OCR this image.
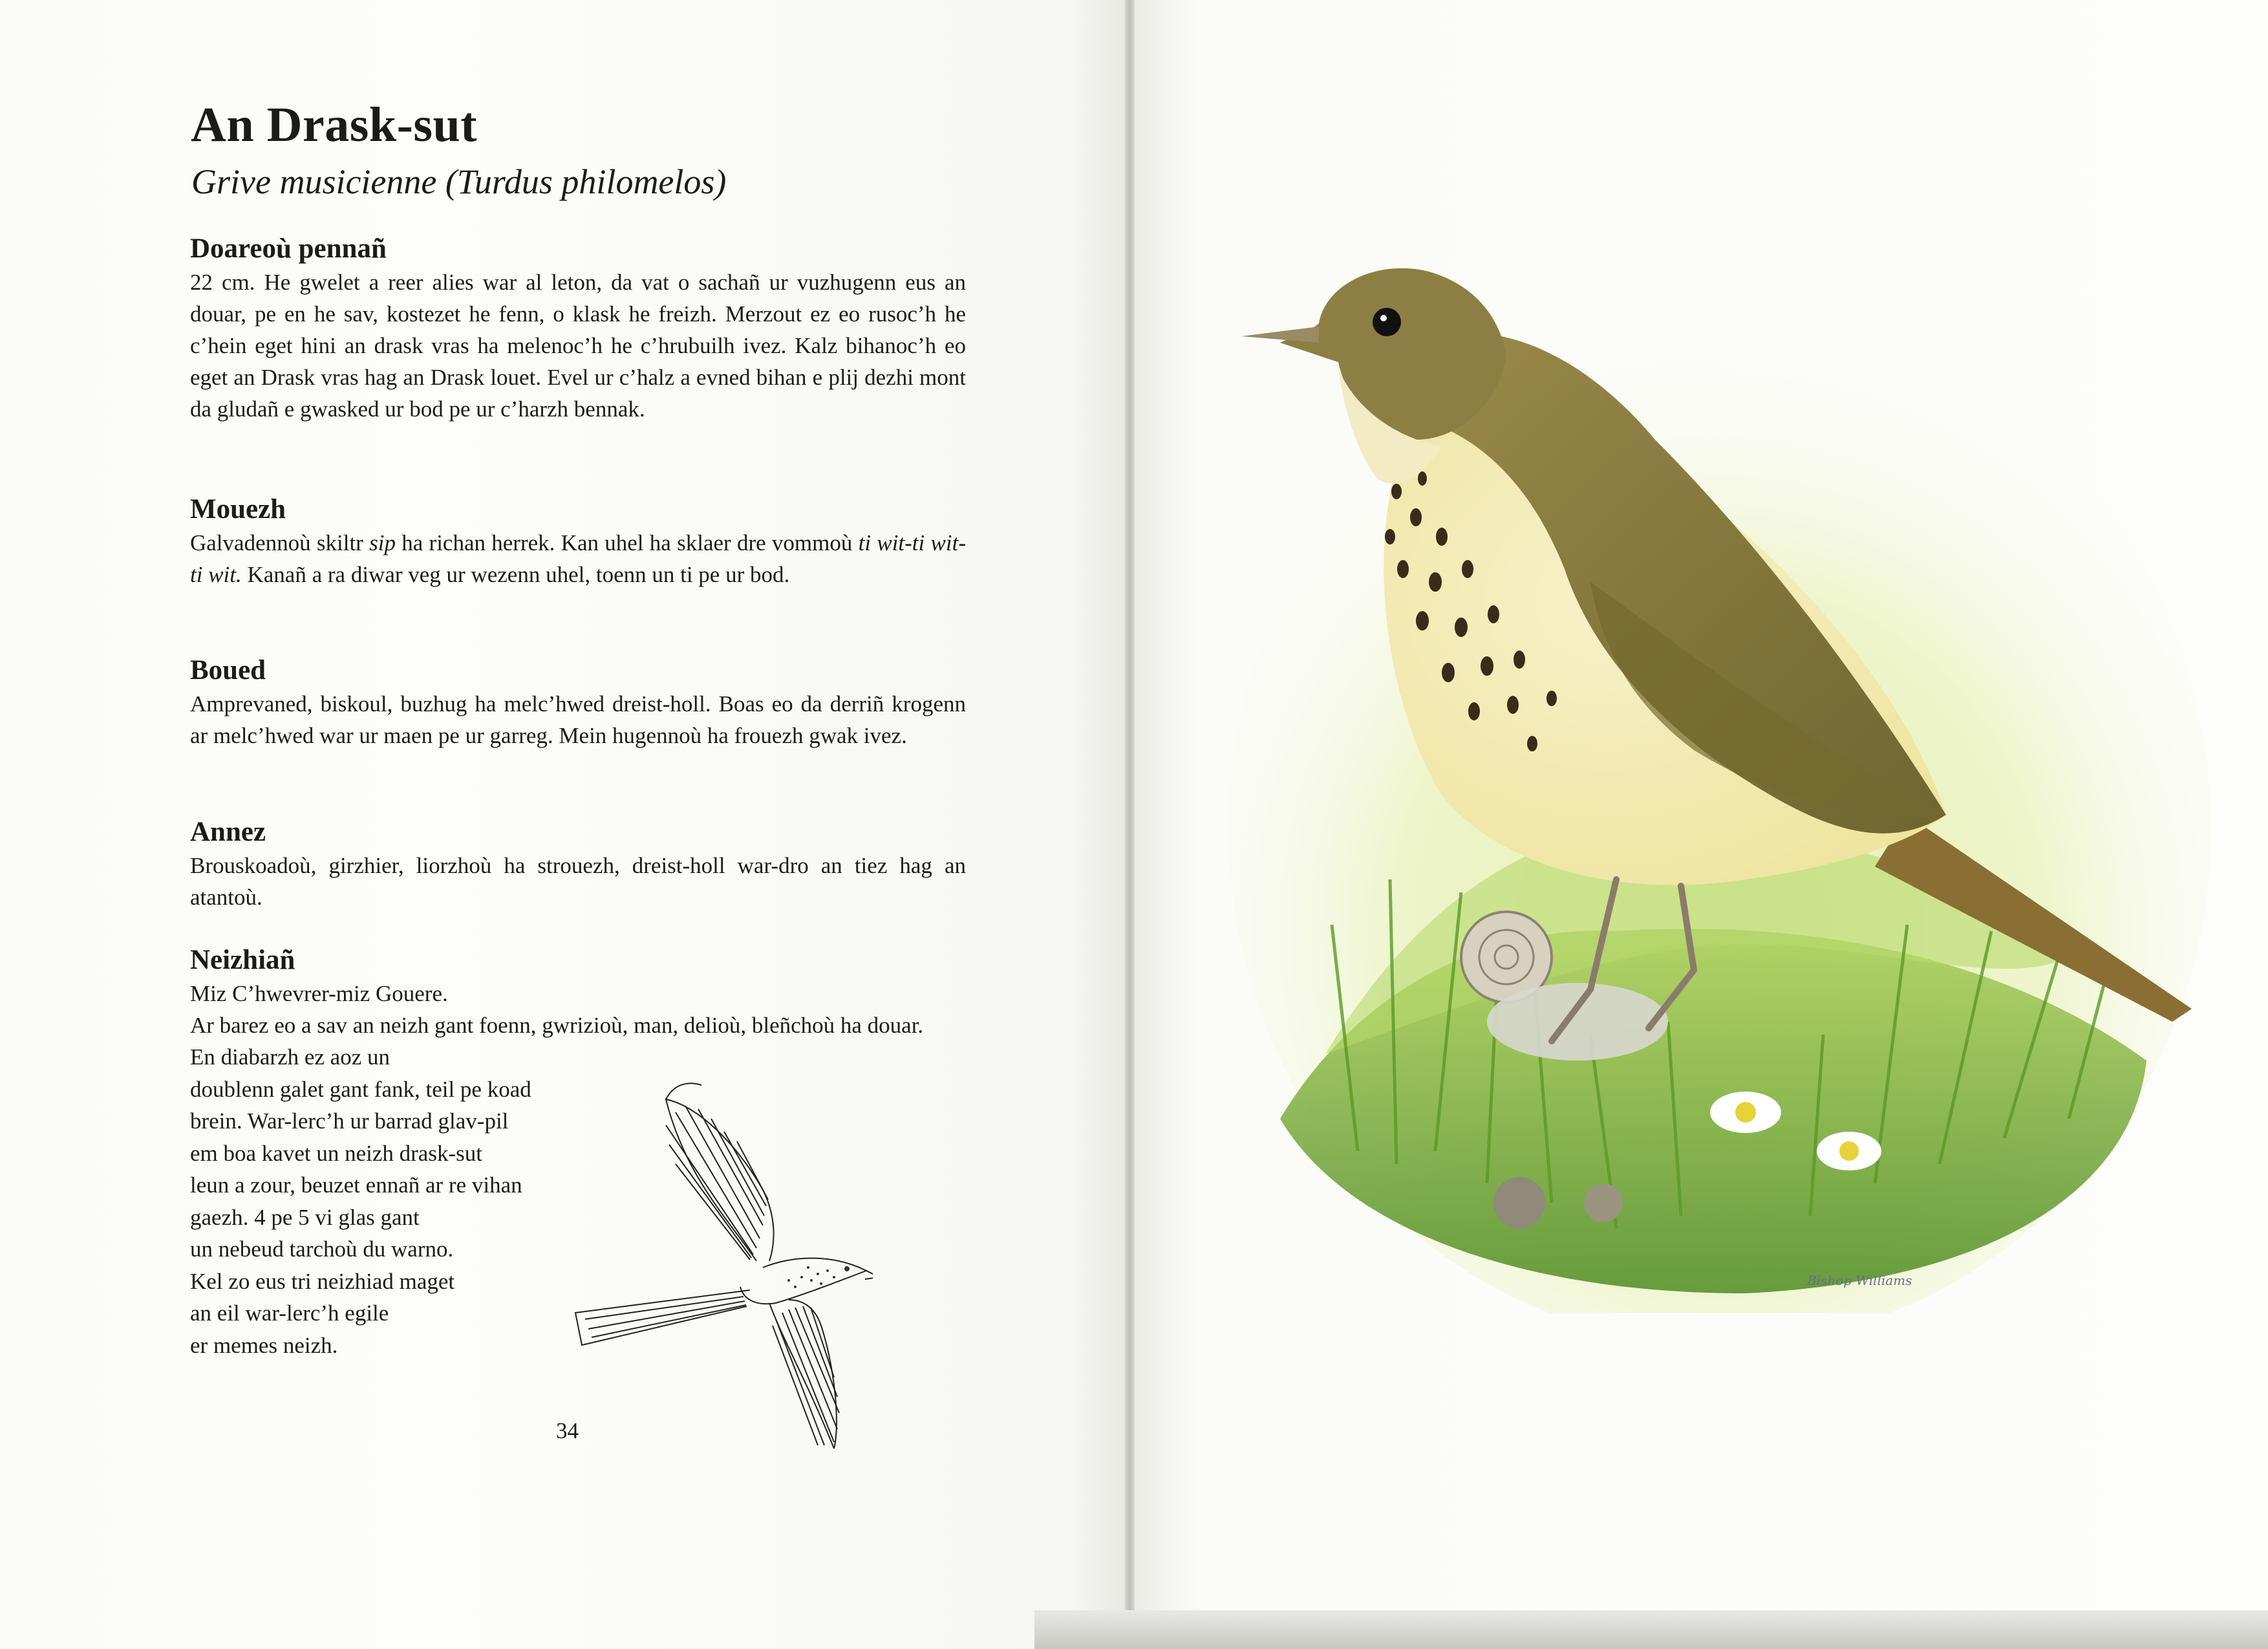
An Drask-sut
Grive musicienne (Turdus philomelos)
Doareoù pennañ

22 cm. He gwelet a reer alies war al leton, da vat o sachañ ur vuzhugenn eus an douar, pe en he sav, kostezet he fenn, o klask he freizh. Merzout ez eo rusoc’h he c’hein eget hini an drask vras ha melenoc’h he c’hrubuilh ivez. Kalz bihanoc’h eo eget an Drask vras hag an Drask louet. Evel ur c’halz a evned bihan e plij dezhi mont da gludañ e gwasked ur bod pe ur c’harzh bennak.

Mouezh

Galvadennoù skiltr sip ha richan herrek. Kan uhel ha sklaer dre vommoù ti wit-ti wit-ti wit. Kanañ a ra diwar veg ur wezenn uhel, toenn un ti pe ur bod.

Boued

Amprevaned, biskoul, buzhug ha melc’hwed dreist-holl. Boas eo da derriñ krogenn ar melc’hwed war ur maen pe ur garreg. Mein hugennoù ha frouezh gwak ivez.

Annez

Brouskoadoù, girzhier, liorzhoù ha strouezh, dreist-holl war-dro an tiez hag an atantoù.

Neizhiañ

Miz C’hwevrer-miz Gouere.

Ar barez eo a sav an neizh gant foenn, gwrizioù, man, delioù, bleñchoù ha douar.

En diabarzh ez aoz un
doublenn galet gant fank, teil pe koad
brein. War-lerc’h ur barrad glav-pil
em boa kavet un neizh drask-sut
leun a zour, beuzet ennañ ar re vihan
gaezh. 4 pe 5 vi glas gant
un nebeud tarchoù du warno.
Kel zo eus tri neizhiad maget
an eil war-lerc’h egile
er memes neizh.
34
Bishop Williams
